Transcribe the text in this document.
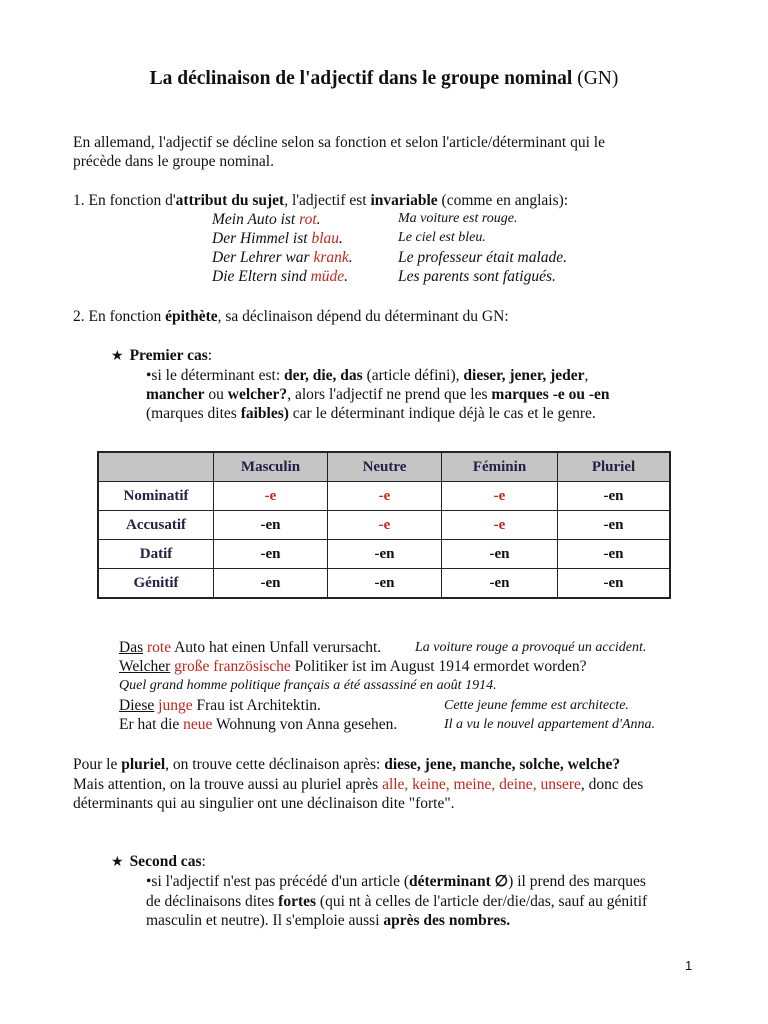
La déclinaison de l'adjectif dans le groupe nominal (GN)
En allemand, l'adjectif se décline selon sa fonction et selon l'article/déterminant qui le
précède dans le groupe nominal.
1. En fonction d'attribut du sujet, l'adjectif est invariable (comme en anglais):
Mein Auto ist rot.	Ma voiture est rouge.
Der Himmel ist blau.	Le ciel est bleu.
Der Lehrer war krank.	Le professeur était malade.
Die Eltern sind müde.	Les parents sont fatigués.
2. En fonction épithète, sa déclinaison dépend du déterminant du GN:
★ Premier cas:
•si le déterminant est: der, die, das (article défini), dieser, jener, jeder,
mancher ou welcher?, alors l'adjectif ne prend que les marques -e ou -en
(marques dites faibles) car le déterminant indique déjà le cas et le genre.
	Masculin	Neutre	Féminin	Pluriel
Nominatif	-e	-e	-e	-en
Accusatif	-en	-e	-e	-en
Datif	-en	-en	-en	-en
Génitif	-en	-en	-en	-en
Das rote Auto hat einen Unfall verursacht. La voiture rouge a provoqué un accident.
Welcher große französische Politiker ist im August 1914 ermordet worden?
Quel grand homme politique français a été assassiné en août 1914.
Diese junge Frau ist Architektin.	Cette jeune femme est architecte.
Er hat die neue Wohnung von Anna gesehen.	Il a vu le nouvel appartement d'Anna.
Pour le pluriel, on trouve cette déclinaison après: diese, jene, manche, solche, welche?
Mais attention, on la trouve aussi au pluriel après alle, keine, meine, deine, unsere, donc des
déterminants qui au singulier ont une déclinaison dite "forte".
★ Second cas:
•si l'adjectif n'est pas précédé d'un article (déterminant ∅) il prend des marques
de déclinaisons dites fortes (qui nt à celles de l'article der/die/das, sauf au génitif
masculin et neutre). Il s'emploie aussi après des nombres.
1
